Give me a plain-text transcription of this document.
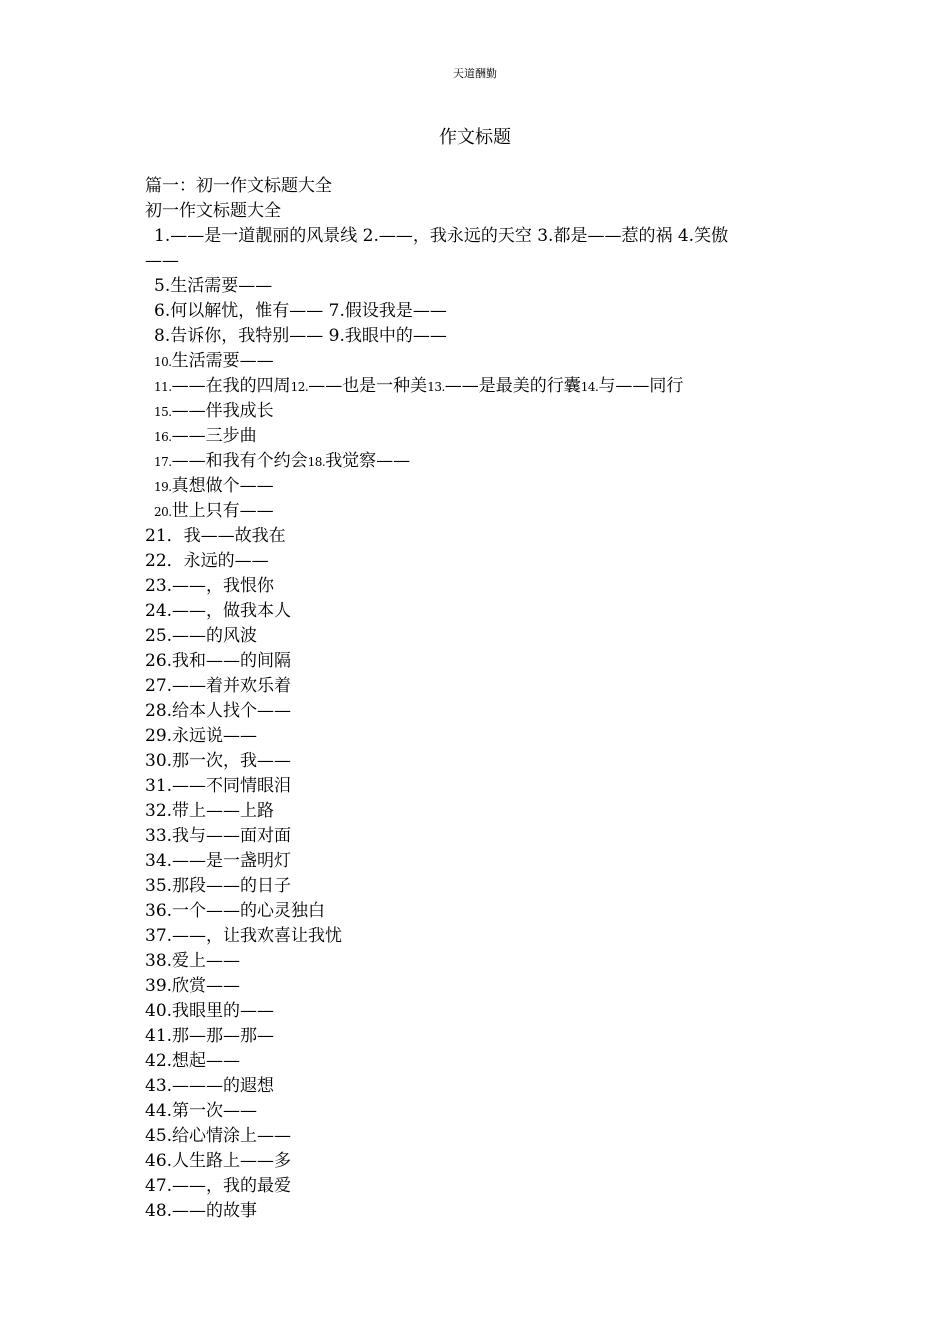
天道酬勤
作文标题
篇一：初一作文标题大全
初一作文标题大全
1.——是一道靓丽的风景线 2.——，我永远的天空 3.都是——惹的祸 4.笑傲
——
5.生活需要——
6.何以解忧，惟有—— 7.假设我是——
8.告诉你，我特别—— 9.我眼中的——
10.生活需要——
11.——在我的四周12.——也是一种美13.——是最美的行囊14.与——同行
15.——伴我成长
16.——三步曲
17.——和我有个约会18.我觉察——
19.真想做个——
20.世上只有——
21．我——故我在
22．永远的——
23.——，我恨你
24.——，做我本人
25.——的风波
26.我和——的间隔
27.——着并欢乐着
28.给本人找个——
29.永远说——
30.那一次，我——
31.——不同情眼泪
32.带上——上路
33.我与——面对面
34.——是一盏明灯
35.那段——的日子
36.一个——的心灵独白
37.——，让我欢喜让我忧
38.爱上——
39.欣赏——
40.我眼里的——
41.那—那—那—
42.想起——
43.———的遐想
44.第一次——
45.给心情涂上——
46.人生路上——多
47.——，我的最爱
48.——的故事
